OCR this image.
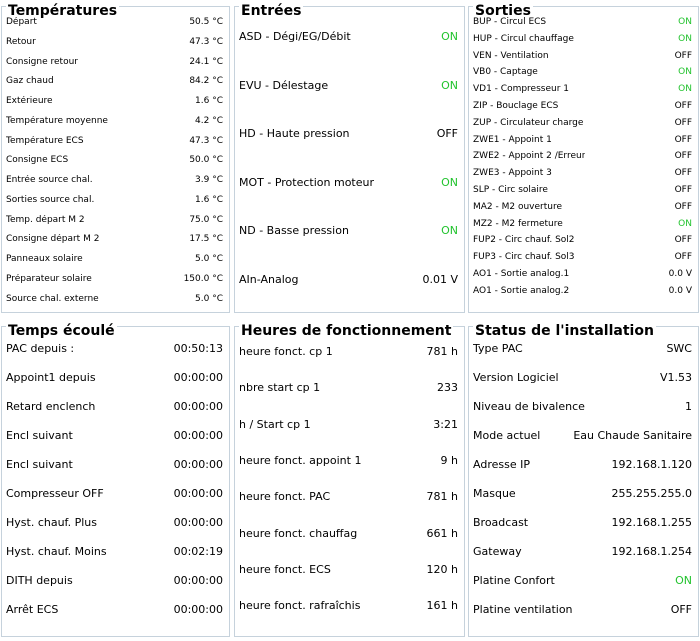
Températures
Départ	50.5 °C
Retour	47.3 °C
Consigne retour	24.1 °C
Gaz chaud	84.2 °C
Extérieure	1.6 °C
Température moyenne	4.2 °C
Température ECS	47.3 °C
Consigne ECS	50.0 °C
Entrée source chal.	3.9 °C
Sorties source chal.	1.6 °C
Temp. départ M 2	75.0 °C
Consigne départ M 2	17.5 °C
Panneaux solaire	5.0 °C
Préparateur solaire	150.0 °C
Source chal. externe	5.0 °C
Entrées
ASD - Dégi/EG/Débit	ON
EVU - Délestage	ON
HD - Haute pression	OFF
MOT - Protection moteur	ON
ND - Basse pression	ON
AIn-Analog	0.01 V
Sorties
BUP - Circul ECS	ON
HUP - Circul chauffage	ON
VEN - Ventilation	OFF
VB0 - Captage	ON
VD1 - Compresseur 1	ON
ZIP - Bouclage ECS	OFF
ZUP - Circulateur charge	OFF
ZWE1 - Appoint 1	OFF
ZWE2 - Appoint 2 /Erreur	OFF
ZWE3 - Appoint 3	OFF
SLP - Circ solaire	OFF
MA2 - M2 ouverture	OFF
MZ2 - M2 fermeture	ON
FUP2 - Circ chauf. Sol2	OFF
FUP3 - Circ chauf. Sol3	OFF
AO1 - Sortie analog.1	0.0 V
AO1 - Sortie analog.2	0.0 V
Temps écoulé
PAC depuis :	00:50:13
Appoint1 depuis	00:00:00
Retard enclench	00:00:00
Encl suivant	00:00:00
Encl suivant	00:00:00
Compresseur OFF	00:00:00
Hyst. chauf. Plus	00:00:00
Hyst. chauf. Moins	00:02:19
DITH depuis	00:00:00
Arrêt ECS	00:00:00
Heures de fonctionnement
heure fonct. cp 1	781 h
nbre start cp 1	233
h / Start cp 1	3:21
heure fonct. appoint 1	9 h
heure fonct. PAC	781 h
heure fonct. chauffag	661 h
heure fonct. ECS	120 h
heure fonct. rafraîchis	161 h
Status de l'installation
Type PAC	SWC
Version Logiciel	V1.53
Niveau de bivalence	1
Mode actuel	Eau Chaude Sanitaire
Adresse IP	192.168.1.120
Masque	255.255.255.0
Broadcast	192.168.1.255
Gateway	192.168.1.254
Platine Confort	ON
Platine ventilation	OFF
